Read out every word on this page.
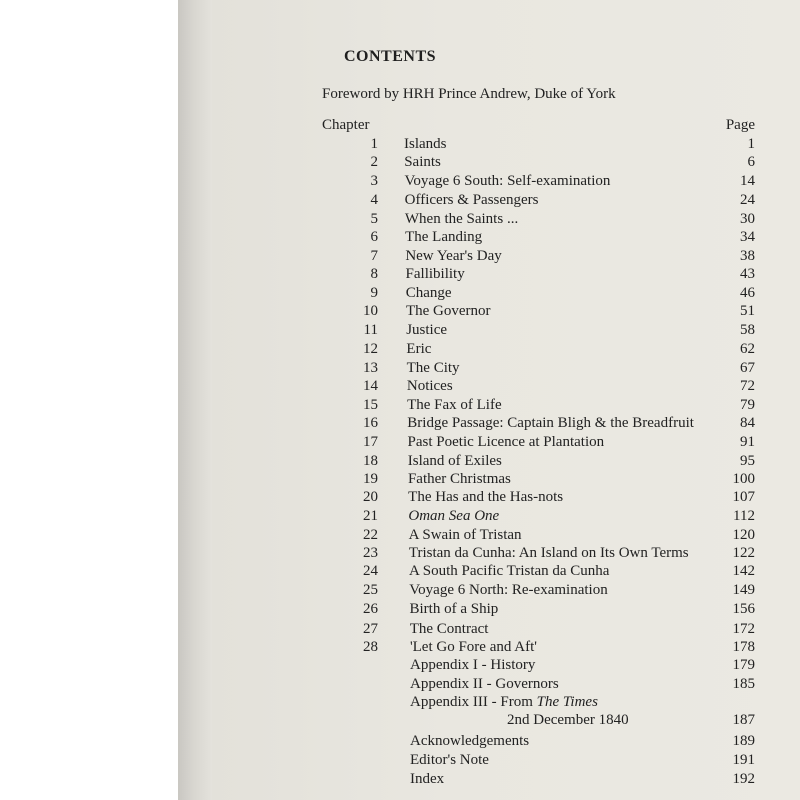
CONTENTS
Foreword by HRH Prince Andrew, Duke of York
Chapter	Page
1 Islands	1
2 Saints	6
3 Voyage 6 South: Self-examination	14
4 Officers & Passengers	24
5 When the Saints ...	30
6 The Landing	34
7 New Year's Day	38
8 Fallibility	43
9 Change	46
10 The Governor	51
11 Justice	58
12 Eric	62
13 The City	67
14 Notices	72
15 The Fax of Life	79
16 Bridge Passage: Captain Bligh & the Breadfruit	84
17 Past Poetic Licence at Plantation	91
18 Island of Exiles	95
19 Father Christmas	100
20 The Has and the Has-nots	107
21 Oman Sea One	112
22 A Swain of Tristan	120
23 Tristan da Cunha: An Island on Its Own Terms	122
24 A South Pacific Tristan da Cunha	142
25 Voyage 6 North: Re-examination	149
26 Birth of a Ship	156
27 The Contract	172
28 'Let Go Fore and Aft'	178
Appendix I - History	179
Appendix II - Governors	185
Appendix III - From The Times
2nd December 1840	187
Acknowledgements	189
Editor's Note	191
Index	192
